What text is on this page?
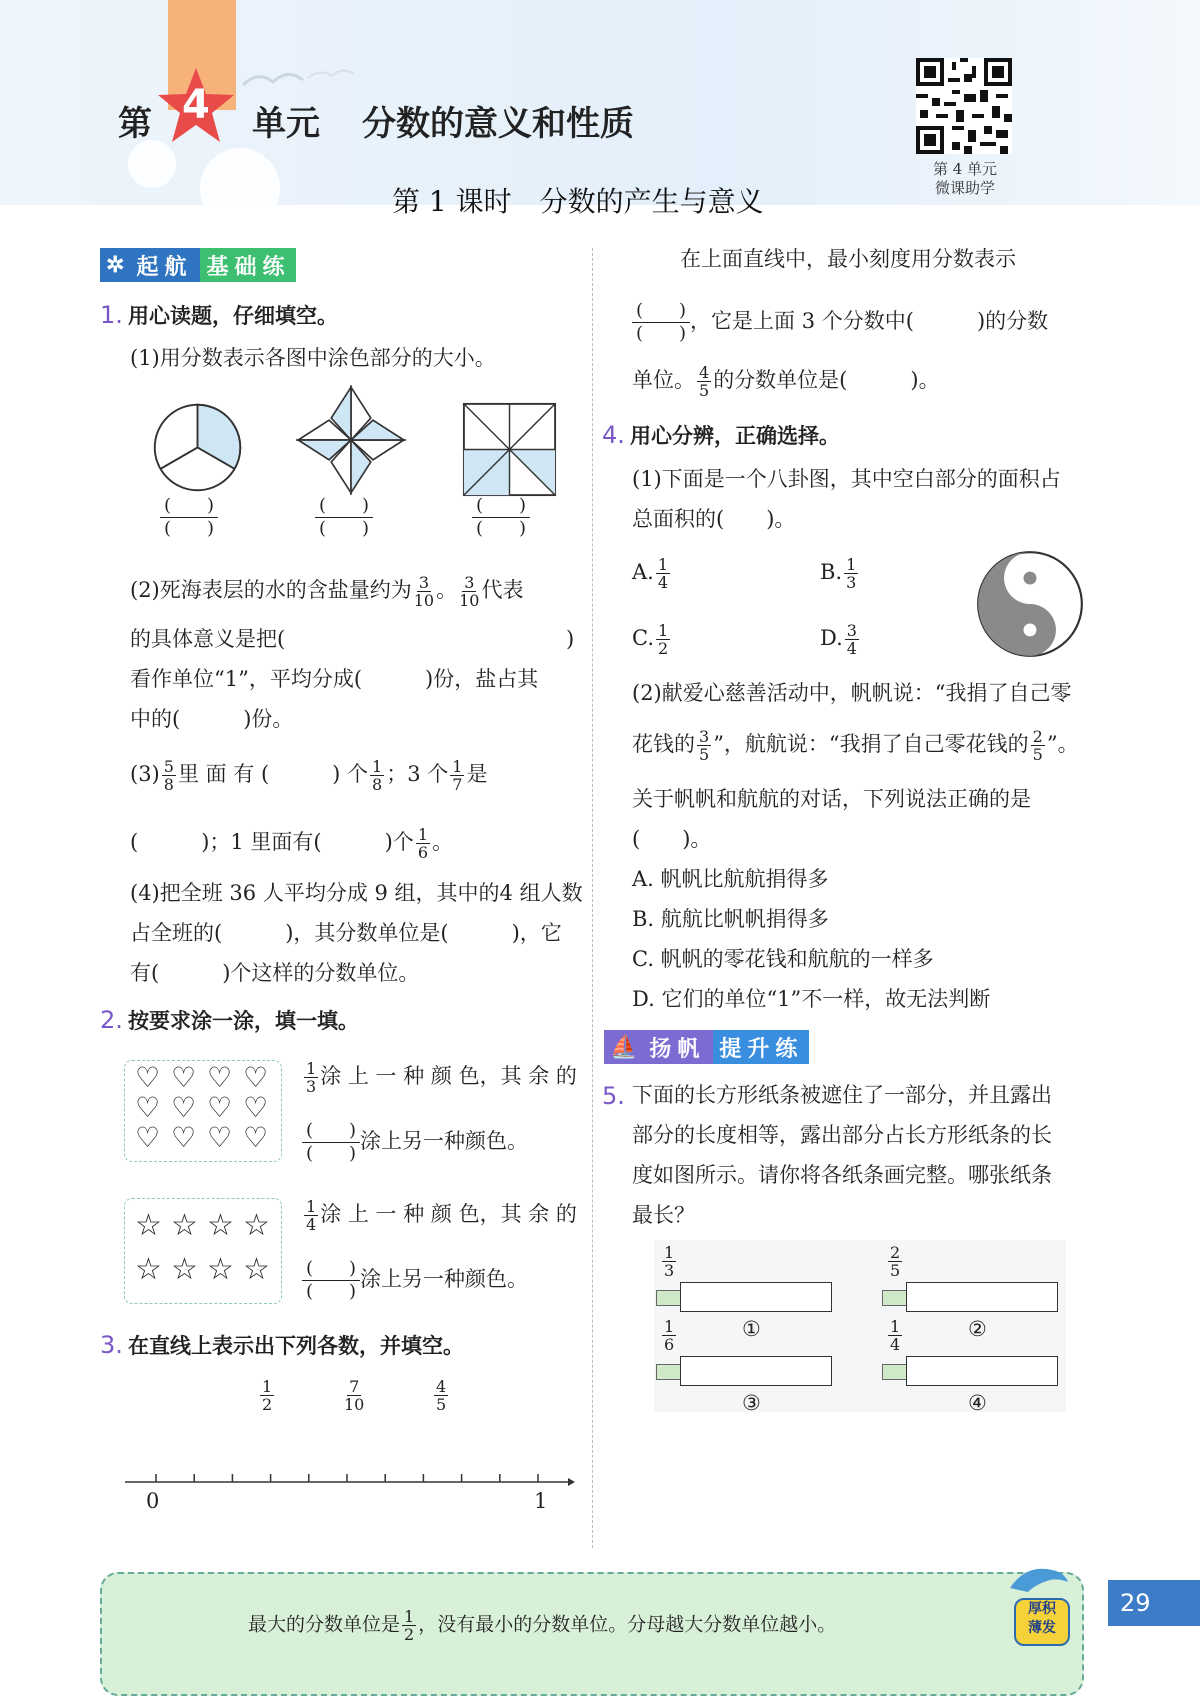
第 4 单元 分数的意义和性质
第 1 课时　分数的产生与意义
第 4 单元
微课助学
✲ 起航 基础练
1. 用心读题，仔细填空。
(1)用分数表示各图中涂色部分的大小。
(　　)
(　　)
(　　)
(　　)
(　　)
(　　)
(2)死海表层的水的含盐量约为 $\frac{3}{10}$ 。 $\frac{3}{10}$ 代表
的具体意义是把(	)
看作单位“1”，平均分成(　　　)份，盐占其
中的(　　　)份。
$(3) \frac{5}{8}$ 里 面 有 (　　　) 个 $\frac{1}{8}$ ；3 个 $\frac{1}{7}$ 是
(　　　)；1 里面有(　　　)个 $\frac{1}{6}$ 。
(4)把全班 36 人平均分成 9 组，其中的4 组人数
占全班的(　　　)，其分数单位是(　　　)，它
有(　　　)个这样的分数单位。
2. 按要求涂一涂，填一填。
♡ ♡ ♡ ♡
♡ ♡ ♡ ♡
♡ ♡ ♡ ♡
☆ ☆ ☆ ☆
☆ ☆ ☆ ☆
$\frac{1}{3}$ 涂 上 一 种 颜 色，其 余 的
(　　)
(　　)
涂上另一种颜色。
$\frac{1}{4}$ 涂 上 一 种 颜 色，其 余 的
(　　)
(　　)
涂上另一种颜色。
3. 在直线上表示出下列各数，并填空。
$\frac{1}{2}$	$\frac{7}{10}$	$\frac{4}{5}$
0	1
在上面直线中，最小刻度用分数表示
(　　)
(　　)
，它是上面 3 个分数中(　　　)的分数
单位。 $\frac{4}{5}$ 的分数单位是(　　　)。
4. 用心分辨，正确选择。
(1)下面是一个八卦图，其中空白部分的面积占
总面积的(　　)。
A. $\frac{1}{4}$	B. $\frac{1}{3}$
C. $\frac{1}{2}$	D. $\frac{3}{4}$
(2)献爱心慈善活动中，帆帆说：“我捐了自己零
花钱的 $\frac{3}{5}$ ”，航航说：“我捐了自己零花钱的 $\frac{2}{5}$ ”。
关于帆帆和航航的对话，下列说法正确的是
(　　)。
A. 帆帆比航航捐得多
B. 航航比帆帆捐得多
C. 帆帆的零花钱和航航的一样多
D. 它们的单位“1”不一样，故无法判断
⛵ 扬帆 提升练
5. 下面的长方形纸条被遮住了一部分，并且露出
部分的长度相等，露出部分占长方形纸条的长
度如图所示。请你将各纸条画完整。哪张纸条
最长？
$\frac{1}{3}$
①
$\frac{2}{5}$
②
$\frac{1}{6}$
③
$\frac{1}{4}$
④
最大的分数单位是 $\frac{1}{2}$ ，没有最小的分数单位。分母越大分数单位越小。
厚积
薄发
29
